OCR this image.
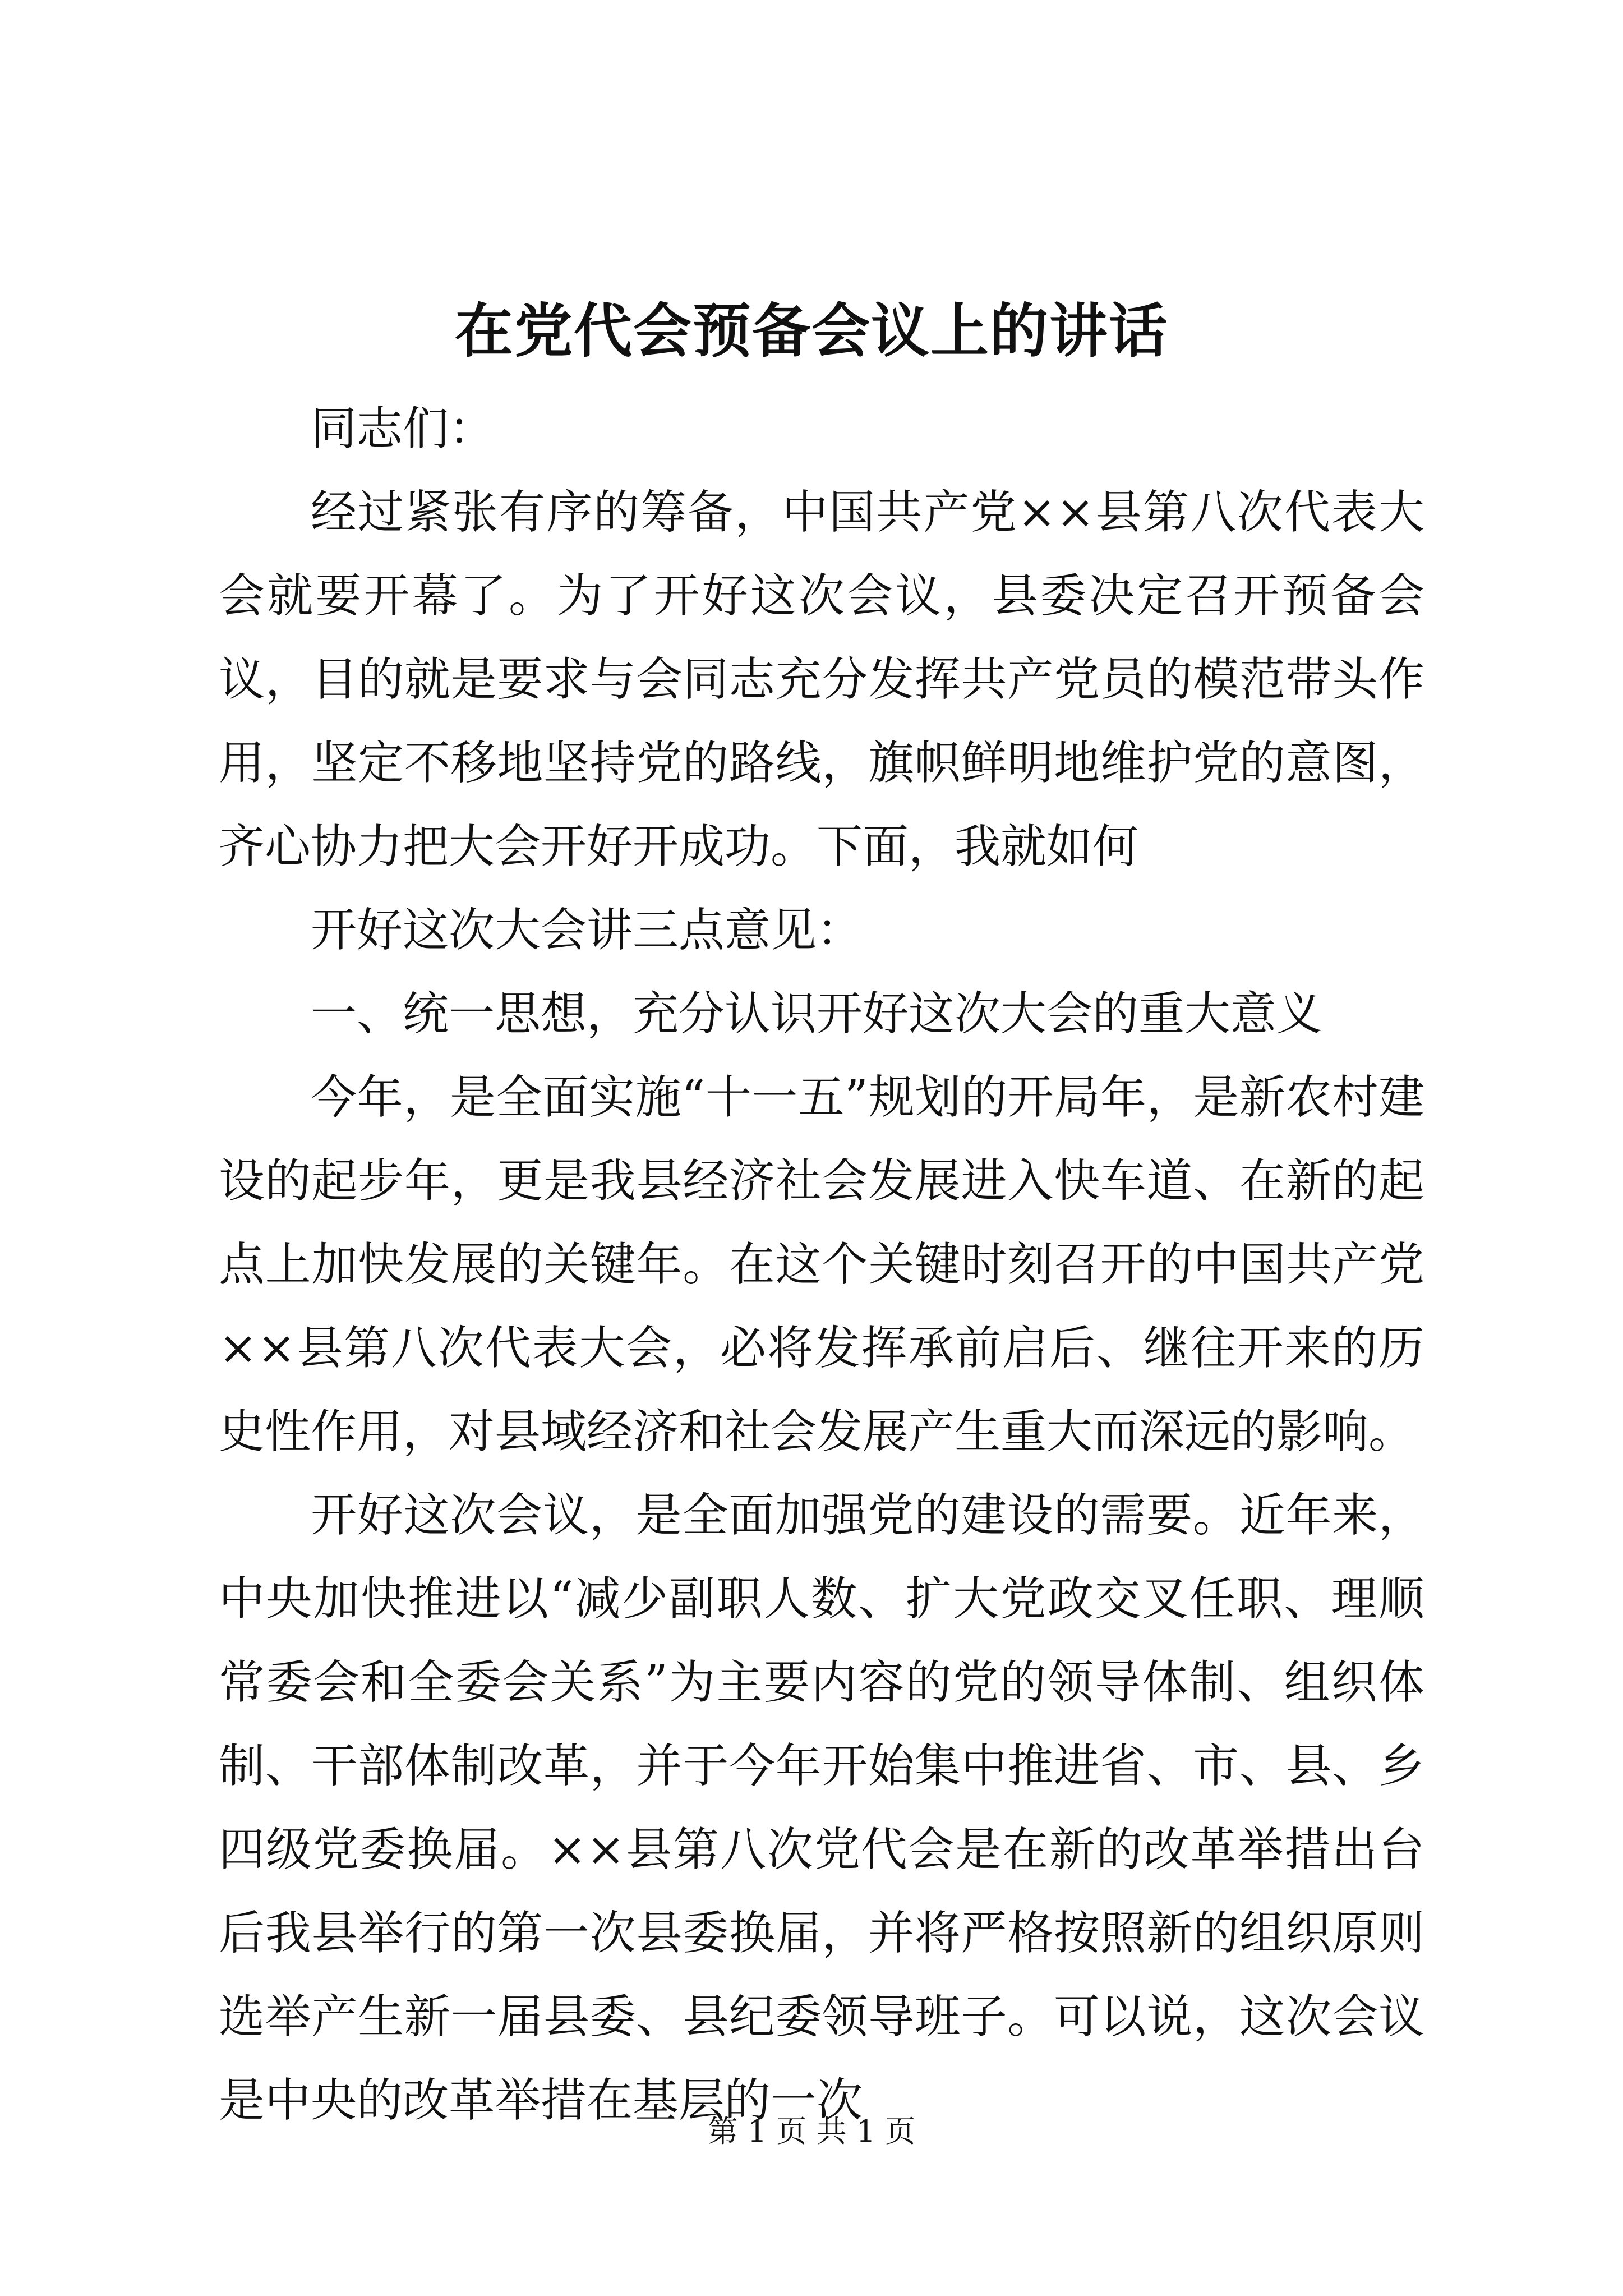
在党代会预备会议上的讲话

同志们：

经过紧张有序的筹备，中国共产党××县第八次代表大会就要开幕了。为了开好这次会议，县委决定召开预备会议，目的就是要求与会同志充分发挥共产党员的模范带头作用，坚定不移地坚持党的路线，旗帜鲜明地维护党的意图，齐心协力把大会开好开成功。下面，我就如何

开好这次大会讲三点意见：

一、统一思想，充分认识开好这次大会的重大意义

今年，是全面实施“十一五”规划的开局年，是新农村建设的起步年，更是我县经济社会发展进入快车道、在新的起点上加快发展的关键年。在这个关键时刻召开的中国共产党××县第八次代表大会，必将发挥承前启后、继往开来的历史性作用，对县域经济和社会发展产生重大而深远的影响。

开好这次会议，是全面加强党的建设的需要。近年来，中央加快推进以“减少副职人数、扩大党政交叉任职、理顺常委会和全委会关系”为主要内容的党的领导体制、组织体制、干部体制改革，并于今年开始集中推进省、市、县、乡四级党委换届。××县第八次党代会是在新的改革举措出台后我县举行的第一次县委换届，并将严格按照新的组织原则选举产生新一届县委、县纪委领导班子。可以说，这次会议是中央的改革举措在基层的一次

第 1 页 共 1 页
